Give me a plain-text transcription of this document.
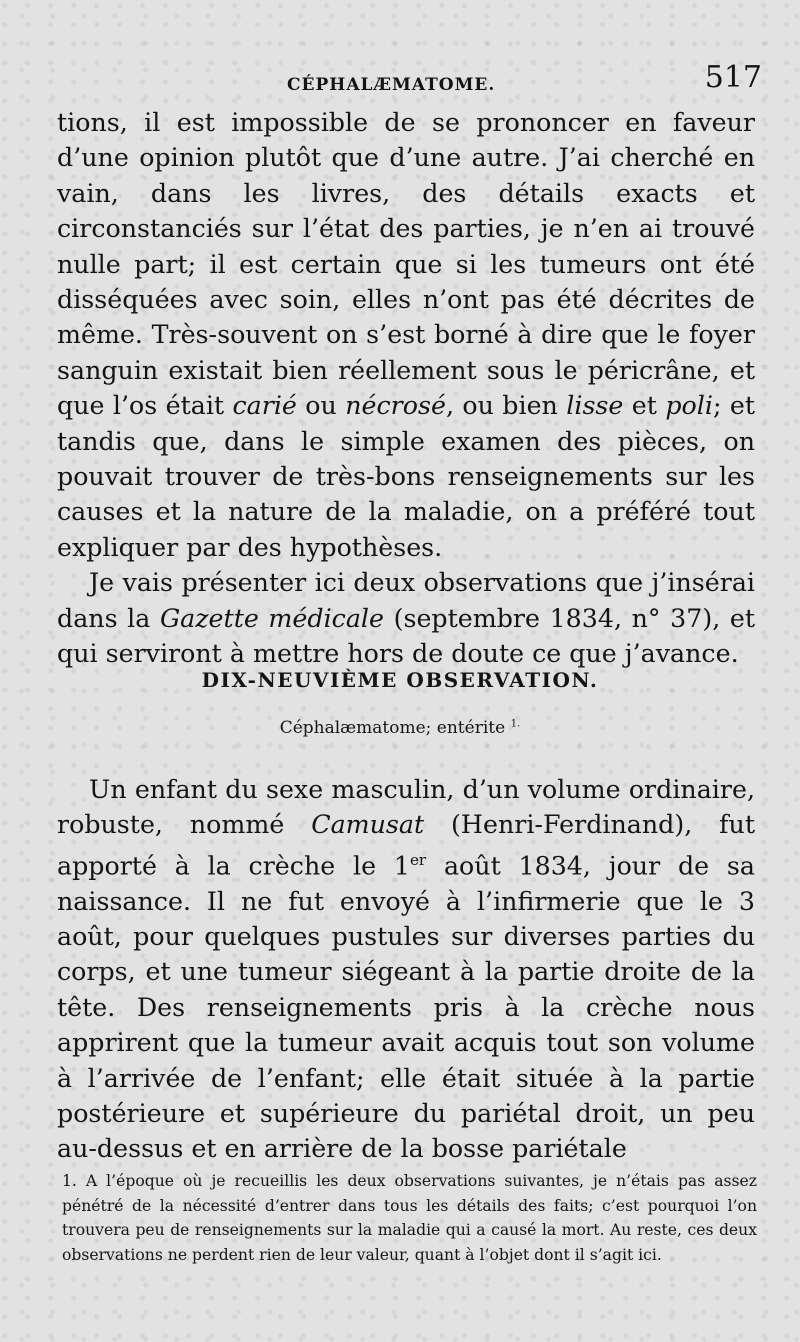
CÉPHALÆMATOME.	517

tions, il est impossible de se prononcer en faveur d’une opinion plutôt que d’une autre. J’ai cherché en vain, dans les livres, des détails exacts et circonstanciés sur l’état des parties, je n’en ai trouvé nulle part; il est certain que si les tumeurs ont été disséquées avec soin, elles n’ont pas été décrites de même. Très-souvent on s’est borné à dire que le foyer sanguin existait bien réellement sous le péricrâne, et que l’os était carié ou nécrosé, ou bien lisse et poli; et tandis que, dans le simple examen des pièces, on pouvait trouver de très-bons renseignements sur les causes et la nature de la maladie, on a préféré tout expliquer par des hypothèses.

Je vais présenter ici deux observations que j’insérai dans la Gazette médicale (septembre 1834, n° 37), et qui serviront à mettre hors de doute ce que j’avance.

DIX-NEUVIÈME OBSERVATION.
Céphalæmatome; entérite $^{1.}$

Un enfant du sexe masculin, d’un volume ordinaire, robuste, nommé Camusat (Henri-Ferdinand), fut apporté à la crèche le 1er août 1834, jour de sa naissance. Il ne fut envoyé à l’infirmerie que le 3 août, pour quelques pustules sur diverses parties du corps, et une tumeur siégeant à la partie droite de la tête. Des renseignements pris à la crèche nous apprirent que la tumeur avait acquis tout son volume à l’arrivée de l’enfant; elle était située à la partie postérieure et supérieure du pariétal droit, un peu au-dessus et en arrière de la bosse pariétale

1. A l’époque où je recueillis les deux observations suivantes, je n’étais pas assez pénétré de la nécessité d’entrer dans tous les détails des faits; c’est pourquoi l’on trouvera peu de renseignements sur la maladie qui a causé la mort. Au reste, ces deux observations ne perdent rien de leur valeur, quant à l’objet dont il s’agit ici.
